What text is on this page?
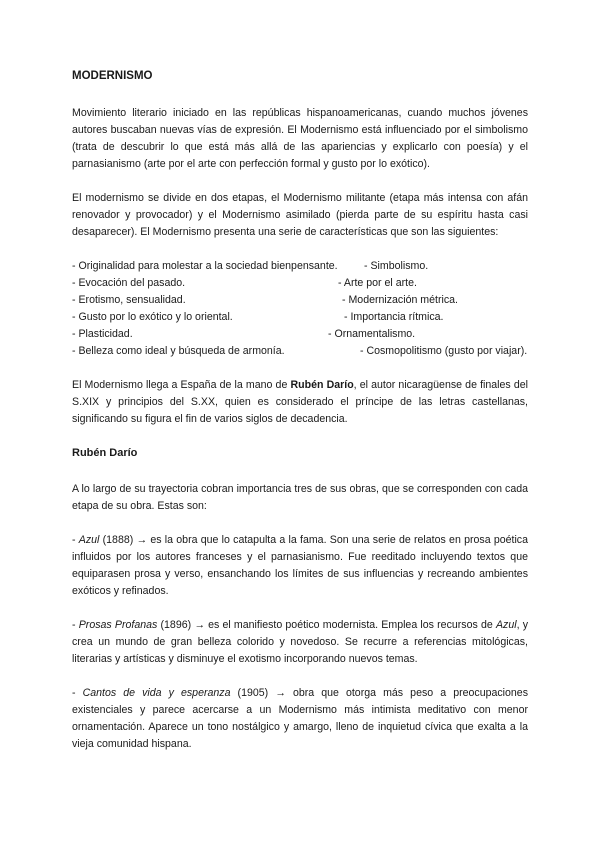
MODERNISMO

Movimiento literario iniciado en las repúblicas hispanoamericanas, cuando muchos jóvenes autores buscaban nuevas vías de expresión. El Modernismo está influenciado por el simbolismo (trata de descubrir lo que está más allá de las apariencias y explicarlo con poesía) y el parnasianismo (arte por el arte con perfección formal y gusto por lo exótico).

El modernismo se divide en dos etapas, el Modernismo militante (etapa más intensa con afán renovador y provocador) y el Modernismo asimilado (pierda parte de su espíritu hasta casi desaparecer). El Modernismo presenta una serie de características que son las siguientes:

- Originalidad para molestar a la sociedad bienpensante.	- Simbolismo.
- Evocación del pasado.	- Arte por el arte.
- Erotismo, sensualidad.	- Modernización métrica.
- Gusto por lo exótico y lo oriental.	- Importancia rítmica.
- Plasticidad.	- Ornamentalismo.
- Belleza como ideal y búsqueda de armonía.	- Cosmopolitismo (gusto por viajar).

El Modernismo llega a España de la mano de Rubén Darío, el autor nicaragüense de finales del S.XIX y principios del S.XX, quien es considerado el príncipe de las letras castellanas, significando su figura el fin de varios siglos de decadencia.

Rubén Darío

A lo largo de su trayectoria cobran importancia tres de sus obras, que se corresponden con cada etapa de su obra. Estas son:

- Azul (1888) → es la obra que lo catapulta a la fama. Son una serie de relatos en prosa poética influidos por los autores franceses y el parnasianismo. Fue reeditado incluyendo textos que equiparasen prosa y verso, ensanchando los límites de sus influencias y recreando ambientes exóticos y refinados.

- Prosas Profanas (1896) → es el manifiesto poético modernista. Emplea los recursos de Azul, y crea un mundo de gran belleza colorido y novedoso. Se recurre a referencias mitológicas, literarias y artísticas y disminuye el exotismo incorporando nuevos temas.

- Cantos de vida y esperanza (1905) → obra que otorga más peso a preocupaciones existenciales y parece acercarse a un Modernismo más intimista meditativo con menor ornamentación. Aparece un tono nostálgico y amargo, lleno de inquietud cívica que exalta a la vieja comunidad hispana.
